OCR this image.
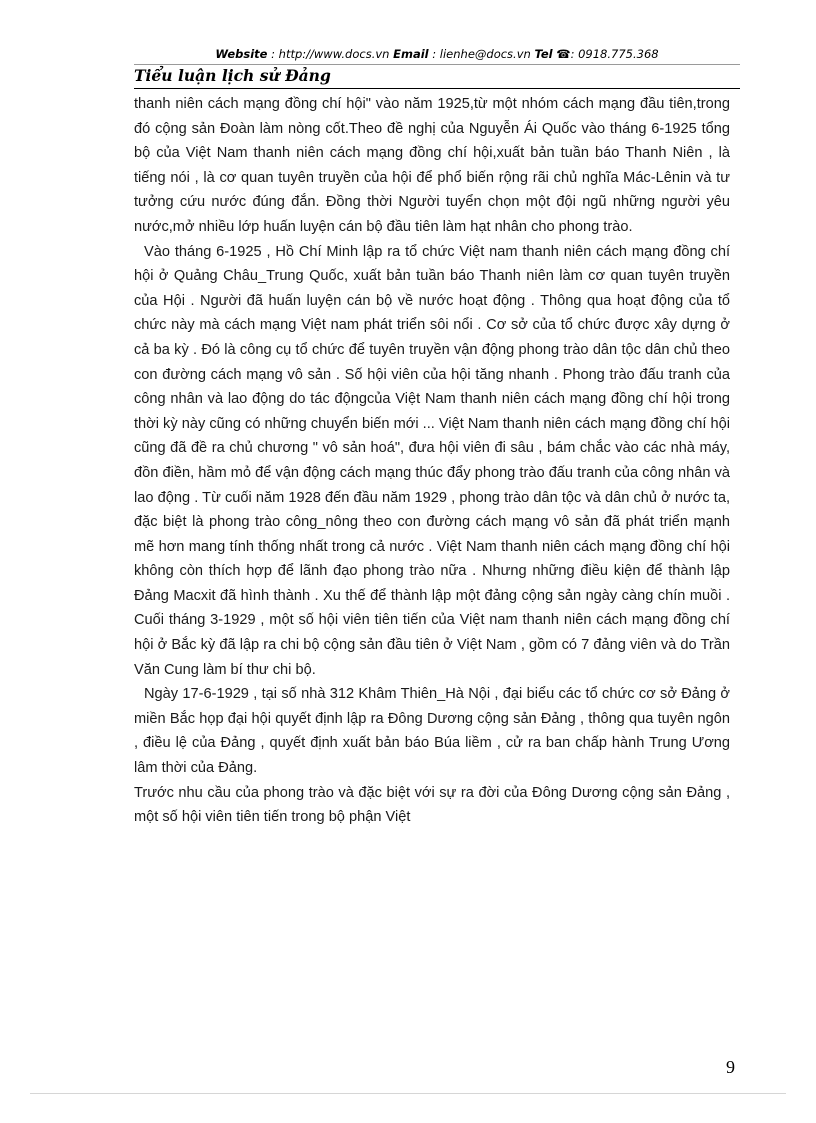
Website : http://www.docs.vn Email : lienhe@docs.vn Tel ☎: 0918.775.368
Tiểu luận lịch sử Đảng

thanh niên cách mạng đồng chí hội" vào năm 1925,từ một nhóm cách mạng đầu tiên,trong đó cộng sản Đoàn làm nòng cốt.Theo đề nghị của Nguyễn Ái Quốc vào tháng 6-1925 tổng bộ của Việt Nam thanh niên cách mạng đồng chí hội,xuất bản tuần báo Thanh Niên , là tiếng nói , là cơ quan tuyên truyền của hội để phổ biến rộng rãi chủ nghĩa Mác-Lênin và tư tưởng cứu nước đúng đắn. Đồng thời Người tuyển chọn một đội ngũ những người yêu nước,mở nhiều lớp huấn luyện cán bộ đầu tiên làm hạt nhân cho phong trào.

Vào tháng 6-1925 , Hồ Chí Minh lập ra tổ chức Việt nam thanh niên cách mạng đồng chí hội ở Quảng Châu_Trung Quốc, xuất bản tuần báo Thanh niên làm cơ quan tuyên truyền của Hội . Người đã huấn luyện cán bộ về nước hoạt động . Thông qua hoạt động của tổ chức này mà cách mạng Việt nam phát triển sôi nổi . Cơ sở của tổ chức được xây dựng ở cả ba kỳ . Đó là công cụ tổ chức để tuyên truyền vận động phong trào dân tộc dân chủ theo con đường cách mạng vô sản . Số hội viên của hội tăng nhanh . Phong trào đấu tranh của công nhân và lao động do tác độngcủa Việt Nam thanh niên cách mạng đồng chí hội trong thời kỳ này cũng có những chuyển biến mới ... Việt Nam thanh niên cách mạng đồng chí hội cũng đã đề ra chủ chương " vô sản hoá", đưa hội viên đi sâu , bám chắc vào các nhà máy, đồn điền, hầm mỏ để vận động cách mạng thúc đẩy phong trào đấu tranh của công nhân và lao động . Từ cuối năm 1928 đến đầu năm 1929 , phong trào dân tộc và dân chủ ở nước ta, đặc biệt là phong trào công_nông theo con đường cách mạng vô sản đã phát triển mạnh mẽ hơn mang tính thống nhất trong cả nước . Việt Nam thanh niên cách mạng đồng chí hội không còn thích hợp để lãnh đạo phong trào nữa . Nhưng những điều kiện để thành lập Đảng Macxit đã hình thành . Xu thế để thành lập một đảng cộng sản ngày càng chín muồi . Cuối tháng 3-1929 , một số hội viên tiên tiến của Việt nam thanh niên cách mạng đồng chí hội ở Bắc kỳ đã lập ra chi bộ cộng sản đầu tiên ở Việt Nam , gồm có 7 đảng viên và do Trần Văn Cung làm bí thư chi bộ.

Ngày 17-6-1929 , tại số nhà 312 Khâm Thiên_Hà Nội , đại biểu các tổ chức cơ sở Đảng ở miền Bắc họp đại hội quyết định lập ra Đông Dương cộng sản Đảng , thông qua tuyên ngôn , điều lệ của Đảng , quyết định xuất bản báo Búa liềm , cử ra ban chấp hành Trung Ương lâm thời của Đảng.

Trước nhu cầu của phong trào và đặc biệt với sự ra đời của Đông Dương cộng sản Đảng , một số hội viên tiên tiến trong bộ phận Việt

9
